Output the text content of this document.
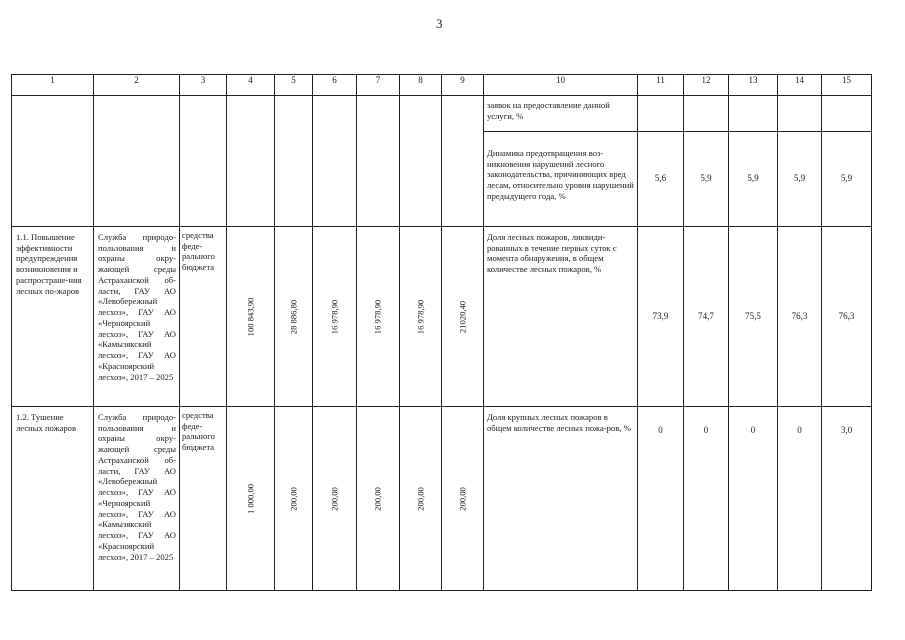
3
1	2	3	4	5	6	7	8	9	10	11	12	13	14	15

									заявок на предоставление данной услуги, %					

									Динамика предотвращения воз-никновения нарушений лесного законодательства, причиняющих вред лесам, относительно уровня нарушений предыдущего года, %	5,6	5,9	5,9	5,9	5,9
1.1. Повышение эффективности предупреждения возникновения и распростране-ния лесных по-жаров	Служба природо-пользования и охраны окру-жающей среды Астраханской об-ласти, ГАУ АО «Левобережный лесхоз», ГАУ АО «Черноярский лесхоз», ГАУ АО «Камызякский лесхоз», ГАУ АО «Красноярский лесхоз», 2017 – 2025	средства феде-рального бюджета	100 843,90	28 886,80	16 978,90	16 978,90	16 978,90	21020,40	Доля лесных пожаров, ликвиди-рованных в течение первых суток с момента обнаружения, в общем количестве лесных пожаров, %	73,9	74,7	75,5	76,3	76,3
1.2. Тушение лесных пожаров	Служба природо-пользования и охраны окру-жающей среды Астраханской об-ласти, ГАУ АО «Левобережный лесхоз», ГАУ АО «Черноярский лесхоз», ГАУ АО «Камызякский лесхоз», ГАУ АО «Красноярский лесхоз», 2017 – 2025	средства феде-рального бюджета	1 000,00	200,00	200,00	200,00	200,00	200,00	Доля крупных лесных пожаров в общем количестве лесных пожа-ров, %	0	0	0	0	3,0
